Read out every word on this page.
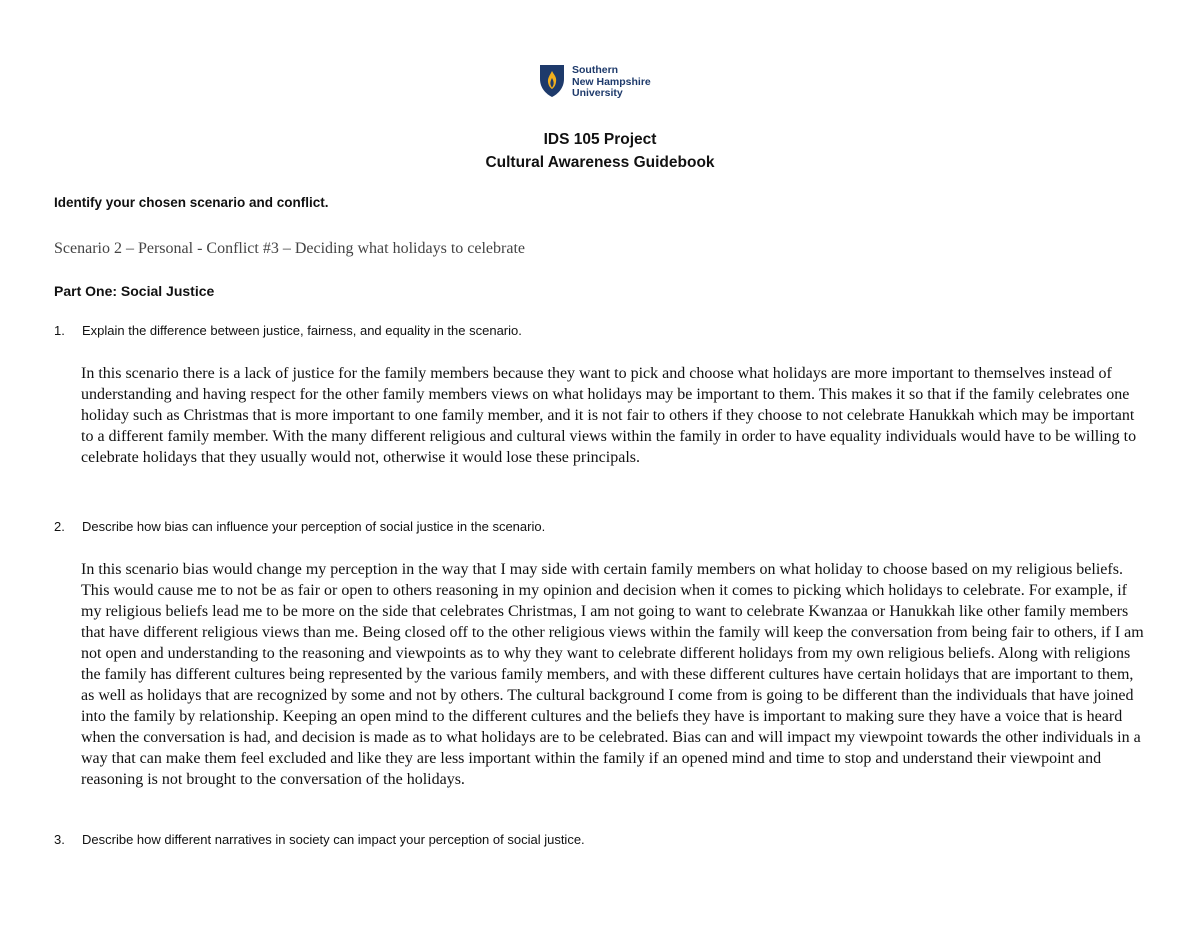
Southern
New Hampshire
University
IDS 105 Project
Cultural Awareness Guidebook
Identify your chosen scenario and conflict.
Scenario 2 – Personal - Conflict #3 – Deciding what holidays to celebrate
Part One: Social Justice
1.	Explain the difference between justice, fairness, and equality in the scenario.
In this scenario there is a lack of justice for the family members because they want to pick and choose what holidays are more important to themselves instead of understanding and having respect for the other family members views on what holidays may be important to them. This makes it so that if the family celebrates one holiday such as Christmas that is more important to one family member, and it is not fair to others if they choose to not celebrate Hanukkah which may be important to a different family member. With the many different religious and cultural views within the family in order to have equality individuals would have to be willing to celebrate holidays that they usually would not, otherwise it would lose these principals.
2.	Describe how bias can influence your perception of social justice in the scenario.
In this scenario bias would change my perception in the way that I may side with certain family members on what holiday to choose based on my religious beliefs. This would cause me to not be as fair or open to others reasoning in my opinion and decision when it comes to picking which holidays to celebrate. For example, if my religious beliefs lead me to be more on the side that celebrates Christmas, I am not going to want to celebrate Kwanzaa or Hanukkah like other family members that have different religious views than me. Being closed off to the other religious views within the family will keep the conversation from being fair to others, if I am not open and understanding to the reasoning and viewpoints as to why they want to celebrate different holidays from my own religious beliefs. Along with religions the family has different cultures being represented by the various family members, and with these different cultures have certain holidays that are important to them, as well as holidays that are recognized by some and not by others. The cultural background I come from is going to be different than the individuals that have joined into the family by relationship. Keeping an open mind to the different cultures and the beliefs they have is important to making sure they have a voice that is heard when the conversation is had, and decision is made as to what holidays are to be celebrated. Bias can and will impact my viewpoint towards the other individuals in a way that can make them feel excluded and like they are less important within the family if an opened mind and time to stop and understand their viewpoint and reasoning is not brought to the conversation of the holidays.
3.	Describe how different narratives in society can impact your perception of social justice.
